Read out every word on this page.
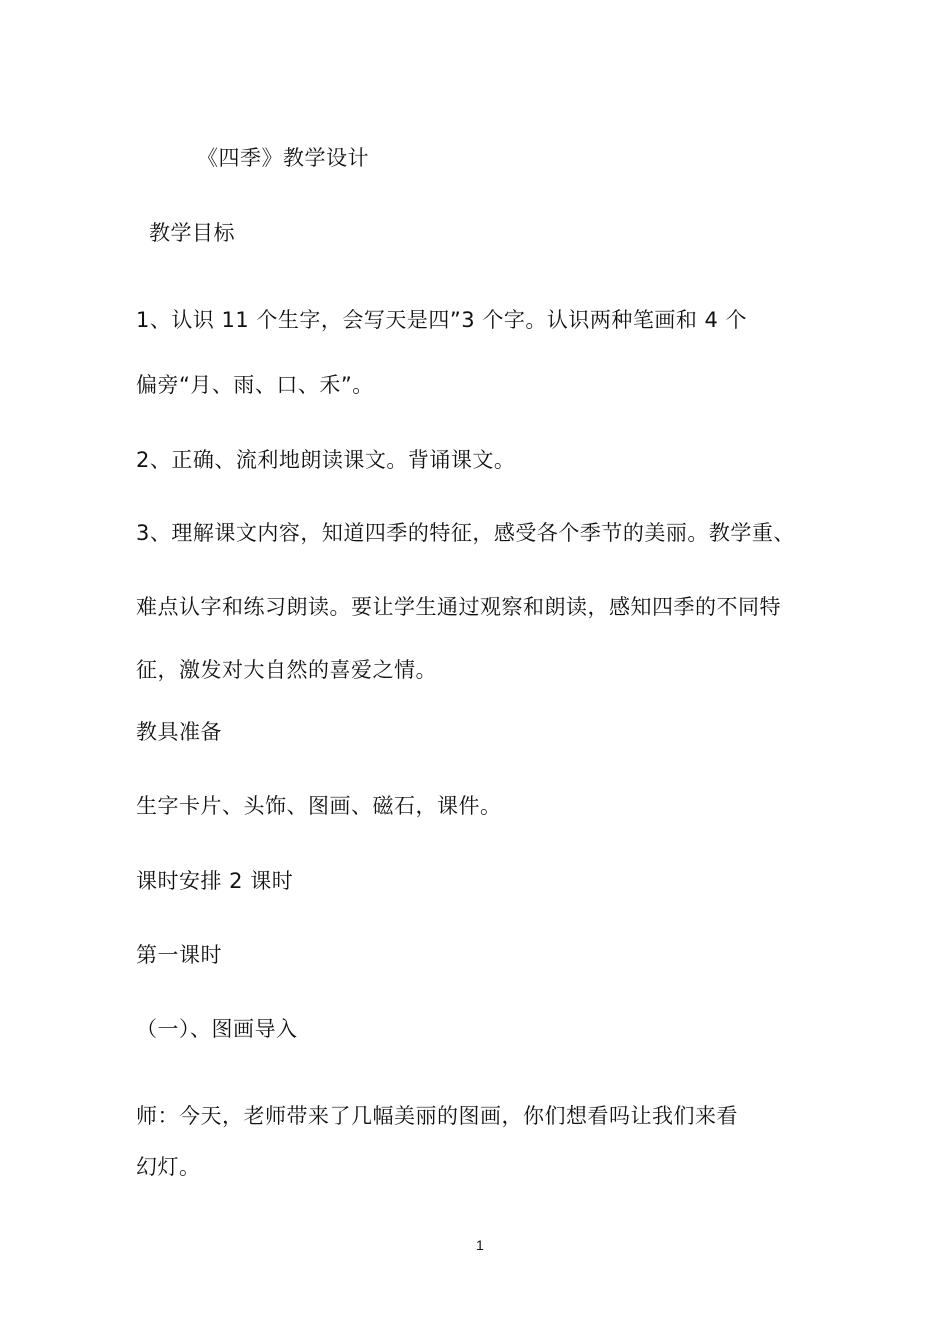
《四季》教学设计
教学目标
1、认识 11 个生字，会写天是四”3 个字。认识两种笔画和 4 个
偏旁“月、雨、口、禾”。
2、正确、流利地朗读课文。背诵课文。
3、理解课文内容，知道四季的特征，感受各个季节的美丽。教学重、
难点认字和练习朗读。要让学生通过观察和朗读，感知四季的不同特
征，激发对大自然的喜爱之情。
教具准备
生字卡片、头饰、图画、磁石，课件。
课时安排 2 课时
第一课时
（一）、图画导入
师：今天，老师带来了几幅美丽的图画，你们想看吗让我们来看
幻灯。
1
